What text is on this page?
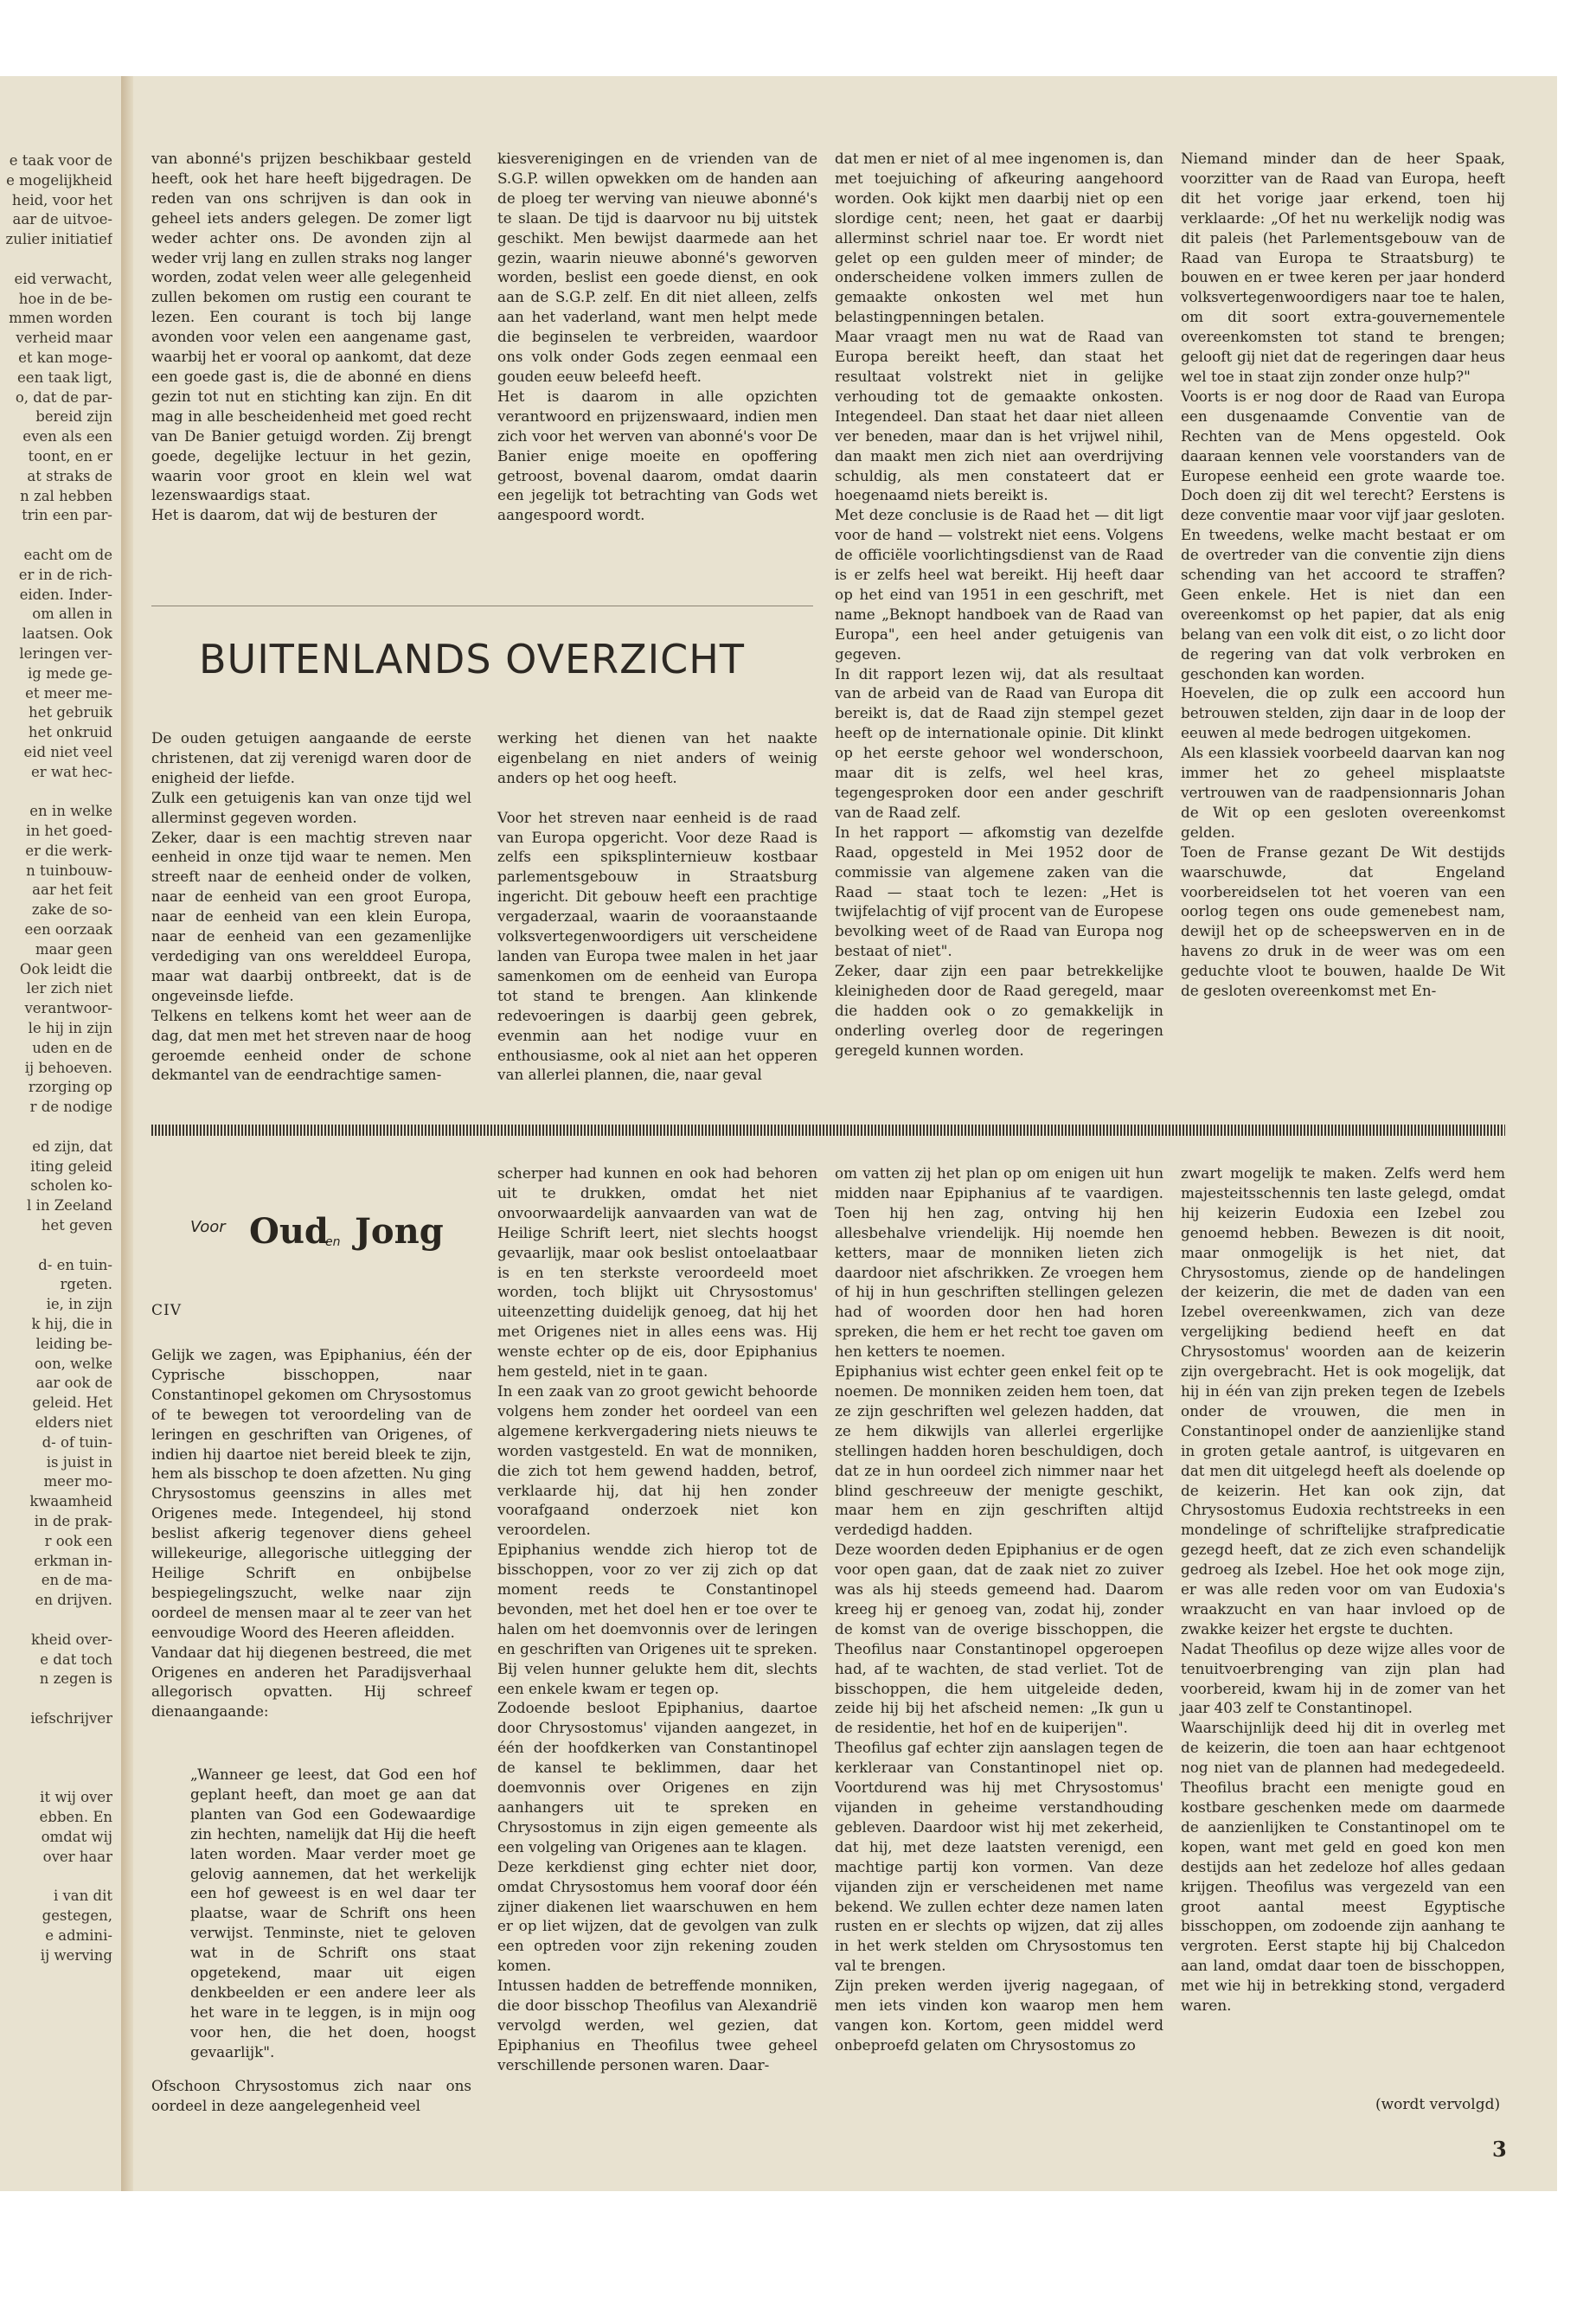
e taak voor de
e mogelijkheid
heid, voor het
aar de uitvoe-
zulier initiatief

eid verwacht,
hoe in de be-
mmen worden
verheid maar
et kan moge-
een taak ligt,
o, dat de par-
bereid zijn
even als een
toont, en er
at straks de
n zal hebben
trin een par-

eacht om de
er in de rich-
eiden. Inder-
om allen in
laatsen. Ook
leringen ver-
ig mede ge-
et meer me-
het gebruik
het onkruid
eid niet veel
er wat hec-

en in welke
in het goed-
er die werk-
n tuinbouw-
aar het feit
zake de so-
een oorzaak
maar geen
Ook leidt die
ler zich niet
verantwoor-
le hij in zijn
uden en de
ij behoeven.
rzorging op
r de nodige

ed zijn, dat
iting geleid
scholen ko-
l in Zeeland
het geven

d- en tuin-
rgeten.
ie, in zijn
k hij, die in
leiding be-
oon, welke
aar ook de
geleid. Het
elders niet
d- of tuin-
is juist in
meer mo-
kwaamheid
in de prak-
r ook een
erkman in-
en de ma-
en drijven.

kheid over-
e dat toch
n zegen is

iefschrijver

it wij over
ebben. En
omdat wij
over haar

i van dit
gestegen,
e admini-
ij werving

van abonné's prijzen beschikbaar gesteld heeft, ook het hare heeft bijgedragen. De reden van ons schrijven is dan ook in geheel iets anders gelegen. De zomer ligt weder achter ons. De avonden zijn al weder vrij lang en zullen straks nog langer worden, zodat velen weer alle gelegenheid zullen bekomen om rustig een courant te lezen. Een courant is toch bij lange avonden voor velen een aangename gast, waarbij het er vooral op aankomt, dat deze een goede gast is, die de abonné en diens gezin tot nut en stichting kan zijn. En dit mag in alle bescheidenheid met goed recht van De Banier getuigd worden. Zij brengt goede, degelijke lectuur in het gezin, waarin voor groot en klein wel wat lezenswaardigs staat.

Het is daarom, dat wij de besturen der

kiesverenigingen en de vrienden van de S.G.P. willen opwekken om de handen aan de ploeg ter werving van nieuwe abonné's te slaan. De tijd is daarvoor nu bij uitstek geschikt. Men bewijst daarmede aan het gezin, waarin nieuwe abonné's geworven worden, beslist een goede dienst, en ook aan de S.G.P. zelf. En dit niet alleen, zelfs aan het vaderland, want men helpt mede die beginselen te verbreiden, waardoor ons volk onder Gods zegen eenmaal een gouden eeuw beleefd heeft.

Het is daarom in alle opzichten verantwoord en prijzenswaard, indien men zich voor het werven van abonné's voor De Banier enige moeite en opoffering getroost, bovenal daarom, omdat daarin een jegelijk tot betrachting van Gods wet aangespoord wordt.

BUITENLANDS OVERZICHT

De ouden getuigen aangaande de eerste christenen, dat zij verenigd waren door de enigheid der liefde.

Zulk een getuigenis kan van onze tijd wel allerminst gegeven worden.

Zeker, daar is een machtig streven naar eenheid in onze tijd waar te nemen. Men streeft naar de eenheid onder de volken, naar de eenheid van een groot Europa, naar de eenheid van een klein Europa, naar de eenheid van een gezamenlijke verdediging van ons werelddeel Europa, maar wat daarbij ontbreekt, dat is de ongeveinsde liefde.

Telkens en telkens komt het weer aan de dag, dat men met het streven naar de hoog geroemde eenheid onder de schone dekmantel van de eendrachtige samen-

werking het dienen van het naakte eigenbelang en niet anders of weinig anders op het oog heeft.

Voor het streven naar eenheid is de raad van Europa opgericht. Voor deze Raad is zelfs een spiksplinternieuw kostbaar parlementsgebouw in Straatsburg ingericht. Dit gebouw heeft een prachtige vergaderzaal, waarin de vooraanstaande volksvertegenwoordigers uit verscheidene landen van Europa twee malen in het jaar samenkomen om de eenheid van Europa tot stand te brengen. Aan klinkende redevoeringen is daarbij geen gebrek, evenmin aan het nodige vuur en enthousiasme, ook al niet aan het opperen van allerlei plannen, die, naar geval

dat men er niet of al mee ingenomen is, dan met toejuiching of afkeuring aangehoord worden. Ook kijkt men daarbij niet op een slordige cent; neen, het gaat er daarbij allerminst schriel naar toe. Er wordt niet gelet op een gulden meer of minder; de onderscheidene volken immers zullen de gemaakte onkosten wel met hun belastingpenningen betalen.

Maar vraagt men nu wat de Raad van Europa bereikt heeft, dan staat het resultaat volstrekt niet in gelijke verhouding tot de gemaakte onkosten. Integendeel. Dan staat het daar niet alleen ver beneden, maar dan is het vrijwel nihil, dan maakt men zich niet aan overdrijving schuldig, als men constateert dat er hoegenaamd niets bereikt is.

Met deze conclusie is de Raad het — dit ligt voor de hand — volstrekt niet eens. Volgens de officiële voorlichtingsdienst van de Raad is er zelfs heel wat bereikt. Hij heeft daar op het eind van 1951 in een geschrift, met name „Beknopt handboek van de Raad van Europa", een heel ander getuigenis van gegeven.

In dit rapport lezen wij, dat als resultaat van de arbeid van de Raad van Europa dit bereikt is, dat de Raad zijn stempel gezet heeft op de internationale opinie. Dit klinkt op het eerste gehoor wel wonderschoon, maar dit is zelfs, wel heel kras, tegengesproken door een ander geschrift van de Raad zelf.

In het rapport — afkomstig van dezelfde Raad, opgesteld in Mei 1952 door de commissie van algemene zaken van die Raad — staat toch te lezen: „Het is twijfelachtig of vijf procent van de Europese bevolking weet of de Raad van Europa nog bestaat of niet".

Zeker, daar zijn een paar betrekkelijke kleinigheden door de Raad geregeld, maar die hadden ook o zo gemakkelijk in onderling overleg door de regeringen geregeld kunnen worden.

Niemand minder dan de heer Spaak, voorzitter van de Raad van Europa, heeft dit het vorige jaar erkend, toen hij verklaarde: „Of het nu werkelijk nodig was dit paleis (het Parlementsgebouw van de Raad van Europa te Straatsburg) te bouwen en er twee keren per jaar honderd volksvertegenwoordigers naar toe te halen, om dit soort extra-gouvernementele overeenkomsten tot stand te brengen; gelooft gij niet dat de regeringen daar heus wel toe in staat zijn zonder onze hulp?"

Voorts is er nog door de Raad van Europa een dusgenaamde Conventie van de Rechten van de Mens opgesteld. Ook daaraan kennen vele voorstanders van de Europese eenheid een grote waarde toe. Doch doen zij dit wel terecht? Eerstens is deze conventie maar voor vijf jaar gesloten. En tweedens, welke macht bestaat er om de overtreder van die conventie zijn diens schending van het accoord te straffen? Geen enkele. Het is niet dan een overeenkomst op het papier, dat als enig belang van een volk dit eist, o zo licht door de regering van dat volk verbroken en geschonden kan worden.

Hoevelen, die op zulk een accoord hun betrouwen stelden, zijn daar in de loop der eeuwen al mede bedrogen uitgekomen.

Als een klassiek voorbeeld daarvan kan nog immer het zo geheel misplaatste vertrouwen van de raadpensionnaris Johan de Wit op een gesloten overeenkomst gelden.

Toen de Franse gezant De Wit destijds waarschuwde, dat Engeland voorbereidselen tot het voeren van een oorlog tegen ons oude gemenebest nam, dewijl het op de scheepswerven en in de havens zo druk in de weer was om een geduchte vloot te bouwen, haalde De Wit de gesloten overeenkomst met En-

Voor Oud
en Jong
CIV

Gelijk we zagen, was Epiphanius, één der Cyprische bisschoppen, naar Constantinopel gekomen om Chrysostomus of te bewegen tot veroordeling van de leringen en geschriften van Origenes, of indien hij daartoe niet bereid bleek te zijn, hem als bisschop te doen afzetten. Nu ging Chrysostomus geenszins in alles met Origenes mede. Integendeel, hij stond beslist afkerig tegenover diens geheel willekeurige, allegorische uitlegging der Heilige Schrift en onbijbelse bespiegelingszucht, welke naar zijn oordeel de mensen maar al te zeer van het eenvoudige Woord des Heeren afleidden.

Vandaar dat hij diegenen bestreed, die met Origenes en anderen het Paradijsverhaal allegorisch opvatten. Hij schreef dienaangaande:

„Wanneer ge leest, dat God een hof geplant heeft, dan moet ge aan dat planten van God een Godewaardige zin hechten, namelijk dat Hij die heeft laten worden. Maar verder moet ge gelovig aannemen, dat het werkelijk een hof geweest is en wel daar ter plaatse, waar de Schrift ons heen verwijst. Tenminste, niet te geloven wat in de Schrift ons staat opgetekend, maar uit eigen denkbeelden er een andere leer als het ware in te leggen, is in mijn oog voor hen, die het doen, hoogst gevaarlijk".
Ofschoon Chrysostomus zich naar ons oordeel in deze aangelegenheid veel

scherper had kunnen en ook had behoren uit te drukken, omdat het niet onvoorwaardelijk aanvaarden van wat de Heilige Schrift leert, niet slechts hoogst gevaarlijk, maar ook beslist ontoelaatbaar is en ten sterkste veroordeeld moet worden, toch blijkt uit Chrysostomus' uiteenzetting duidelijk genoeg, dat hij het met Origenes niet in alles eens was. Hij wenste echter op de eis, door Epiphanius hem gesteld, niet in te gaan.

In een zaak van zo groot gewicht behoorde volgens hem zonder het oordeel van een algemene kerkvergadering niets nieuws te worden vastgesteld. En wat de monniken, die zich tot hem gewend hadden, betrof, verklaarde hij, dat hij hen zonder voorafgaand onderzoek niet kon veroordelen.

Epiphanius wendde zich hierop tot de bisschoppen, voor zo ver zij zich op dat moment reeds te Constantinopel bevonden, met het doel hen er toe over te halen om het doemvonnis over de leringen en geschriften van Origenes uit te spreken. Bij velen hunner gelukte hem dit, slechts een enkele kwam er tegen op.

Zodoende besloot Epiphanius, daartoe door Chrysostomus' vijanden aangezet, in één der hoofdkerken van Constantinopel de kansel te beklimmen, daar het doemvonnis over Origenes en zijn aanhangers uit te spreken en Chrysostomus in zijn eigen gemeente als een volgeling van Origenes aan te klagen.

Deze kerkdienst ging echter niet door, omdat Chrysostomus hem vooraf door één zijner diakenen liet waarschuwen en hem er op liet wijzen, dat de gevolgen van zulk een optreden voor zijn rekening zouden komen.

Intussen hadden de betreffende monniken, die door bisschop Theofilus van Alexandrië vervolgd werden, wel gezien, dat Epiphanius en Theofilus twee geheel verschillende personen waren. Daar-

om vatten zij het plan op om enigen uit hun midden naar Epiphanius af te vaardigen. Toen hij hen zag, ontving hij hen allesbehalve vriendelijk. Hij noemde hen ketters, maar de monniken lieten zich daardoor niet afschrikken. Ze vroegen hem of hij in hun geschriften stellingen gelezen had of woorden door hen had horen spreken, die hem er het recht toe gaven om hen ketters te noemen.

Epiphanius wist echter geen enkel feit op te noemen. De monniken zeiden hem toen, dat ze zijn geschriften wel gelezen hadden, dat ze hem dikwijls van allerlei ergerlijke stellingen hadden horen beschuldigen, doch dat ze in hun oordeel zich nimmer naar het blind geschreeuw der menigte geschikt, maar hem en zijn geschriften altijd verdedigd hadden.

Deze woorden deden Epiphanius er de ogen voor open gaan, dat de zaak niet zo zuiver was als hij steeds gemeend had. Daarom kreeg hij er genoeg van, zodat hij, zonder de komst van de overige bisschoppen, die Theofilus naar Constantinopel opgeroepen had, af te wachten, de stad verliet. Tot de bisschoppen, die hem uitgeleide deden, zeide hij bij het afscheid nemen: „Ik gun u de residentie, het hof en de kuiperijen".

Theofilus gaf echter zijn aanslagen tegen de kerkleraar van Constantinopel niet op. Voortdurend was hij met Chrysostomus' vijanden in geheime verstandhouding gebleven. Daardoor wist hij met zekerheid, dat hij, met deze laatsten verenigd, een machtige partij kon vormen. Van deze vijanden zijn er verscheidenen met name bekend. We zullen echter deze namen laten rusten en er slechts op wijzen, dat zij alles in het werk stelden om Chrysostomus ten val te brengen.

Zijn preken werden ijverig nagegaan, of men iets vinden kon waarop men hem vangen kon. Kortom, geen middel werd onbeproefd gelaten om Chrysostomus zo

zwart mogelijk te maken. Zelfs werd hem majesteitsschennis ten laste gelegd, omdat hij keizerin Eudoxia een Izebel zou genoemd hebben. Bewezen is dit nooit, maar onmogelijk is het niet, dat Chrysostomus, ziende op de handelingen der keizerin, die met de daden van een Izebel overeenkwamen, zich van deze vergelijking bediend heeft en dat Chrysostomus' woorden aan de keizerin zijn overgebracht. Het is ook mogelijk, dat hij in één van zijn preken tegen de Izebels onder de vrouwen, die men in Constantinopel onder de aanzienlijke stand in groten getale aantrof, is uitgevaren en dat men dit uitgelegd heeft als doelende op de keizerin. Het kan ook zijn, dat Chrysostomus Eudoxia rechtstreeks in een mondelinge of schriftelijke strafpredicatie gezegd heeft, dat ze zich even schandelijk gedroeg als Izebel. Hoe het ook moge zijn, er was alle reden voor om van Eudoxia's wraakzucht en van haar invloed op de zwakke keizer het ergste te duchten.

Nadat Theofilus op deze wijze alles voor de tenuitvoerbrenging van zijn plan had voorbereid, kwam hij in de zomer van het jaar 403 zelf te Constantinopel.

Waarschijnlijk deed hij dit in overleg met de keizerin, die toen aan haar echtgenoot nog niet van de plannen had medegedeeld. Theofilus bracht een menigte goud en kostbare geschenken mede om daarmede de aanzienlijken te Constantinopel om te kopen, want met geld en goed kon men destijds aan het zedeloze hof alles gedaan krijgen. Theofilus was vergezeld van een groot aantal meest Egyptische bisschoppen, om zodoende zijn aanhang te vergroten. Eerst stapte hij bij Chalcedon aan land, omdat daar toen de bisschoppen, met wie hij in betrekking stond, vergaderd waren.

(wordt vervolgd)
3
